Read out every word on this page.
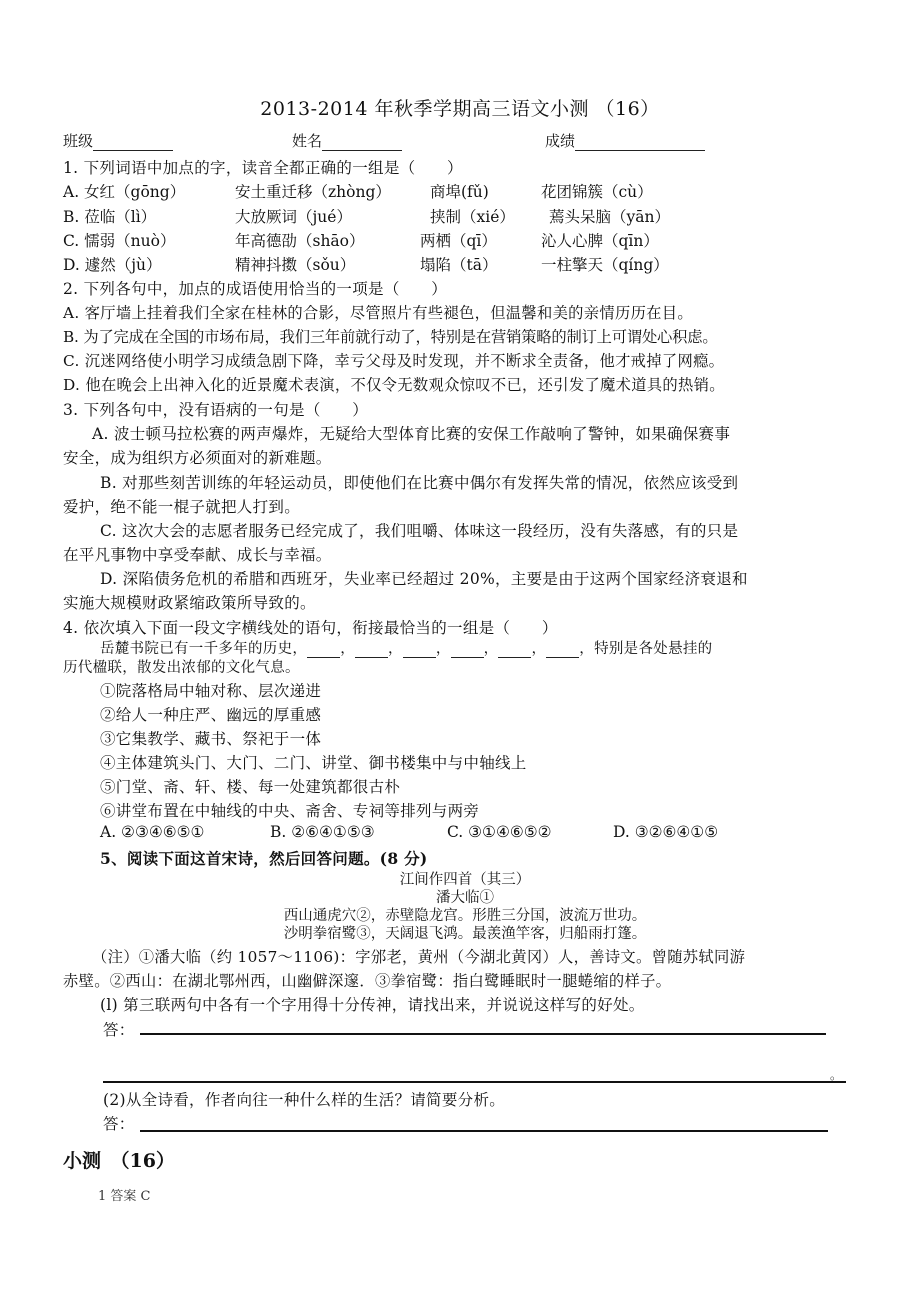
2013-2014 年秋季学期高三语文小测 （16）
班级	姓名	成绩
1. 下列词语中加点的字，读音全都正确的一组是（　　）
A. 女红（gōng）	安土重迁移（zhòng）	商埠(fǔ)	花团锦簇（cù）
B. 莅临（lì）	大放厥词（jué）	挟制（xié） 蔫头呆脑（yān）
C. 懦弱（nuò）	年高德劭（shāo）	两栖（qī）	沁人心脾（qīn）
D. 遽然（jù）	精神抖擞（sǒu）	塌陷（tā）	一柱擎天（qíng）
2. 下列各句中，加点的成语使用恰当的一项是（　　）
A. 客厅墙上挂着我们全家在桂林的合影，尽管照片有些褪色，但温馨和美的亲情历历在目。
B. 为了完成在全国的市场布局，我们三年前就行动了，特别是在营销策略的制订上可谓处心积虑。
C. 沉迷网络使小明学习成绩急剧下降，幸亏父母及时发现，并不断求全责备，他才戒掉了网瘾。
D. 他在晚会上出神入化的近景魔术表演，不仅令无数观众惊叹不已，还引发了魔术道具的热销。
3. 下列各句中，没有语病的一句是（　　）
A. 波士顿马拉松赛的两声爆炸，无疑给大型体育比赛的安保工作敲响了警钟，如果确保赛事
安全，成为组织方必须面对的新难题。
B. 对那些刻苦训练的年轻运动员，即使他们在比赛中偶尔有发挥失常的情况，依然应该受到
爱护，绝不能一棍子就把人打到。
C. 这次大会的志愿者服务已经完成了，我们咀嚼、体味这一段经历，没有失落感，有的只是
在平凡事物中享受奉献、成长与幸福。
D. 深陷债务危机的希腊和西班牙，失业率已经超过 20%，主要是由于这两个国家经济衰退和
实施大规模财政紧缩政策所导致的。
4. 依次填入下面一段文字横线处的语句，衔接最恰当的一组是（　　）
岳麓书院已有一千多年的历史， ， ， ， ， ， ，特别是各处悬挂的
历代楹联，散发出浓郁的文化气息。
①院落格局中轴对称、层次递进
②给人一种庄严、幽远的厚重感
③它集教学、藏书、祭祀于一体
④主体建筑头门、大门、二门、讲堂、御书楼集中与中轴线上
⑤门堂、斋、轩、楼、每一处建筑都很古朴
⑥讲堂布置在中轴线的中央、斋舍、专祠等排列与两旁
A. ②③④⑥⑤①	B. ②⑥④①⑤③	C. ③①④⑥⑤②	D. ③②⑥④①⑤
5、阅读下面这首宋诗，然后回答问题。(8 分)
江间作四首（其三）
潘大临①
西山通虎穴②，赤壁隐龙宫。形胜三分国，波流万世功。
沙明拳宿鹭③，天阔退飞鸿。最羡渔竿客，归船雨打篷。
（注）①潘大临（约 1057～1106)：字邠老，黄州（今湖北黄冈）人，善诗文。曾随苏轼同游
赤壁。②西山：在湖北鄂州西，山幽僻深邃．③拳宿鹭：指白鹭睡眠时一腿蜷缩的样子。
(l) 第三联两句中各有一个字用得十分传神，请找出来，并说说这样写的好处。
答：
。
(2)从全诗看，作者向往一种什么样的生活？请简要分析。
答：
小测　（16）
1 答案 C
